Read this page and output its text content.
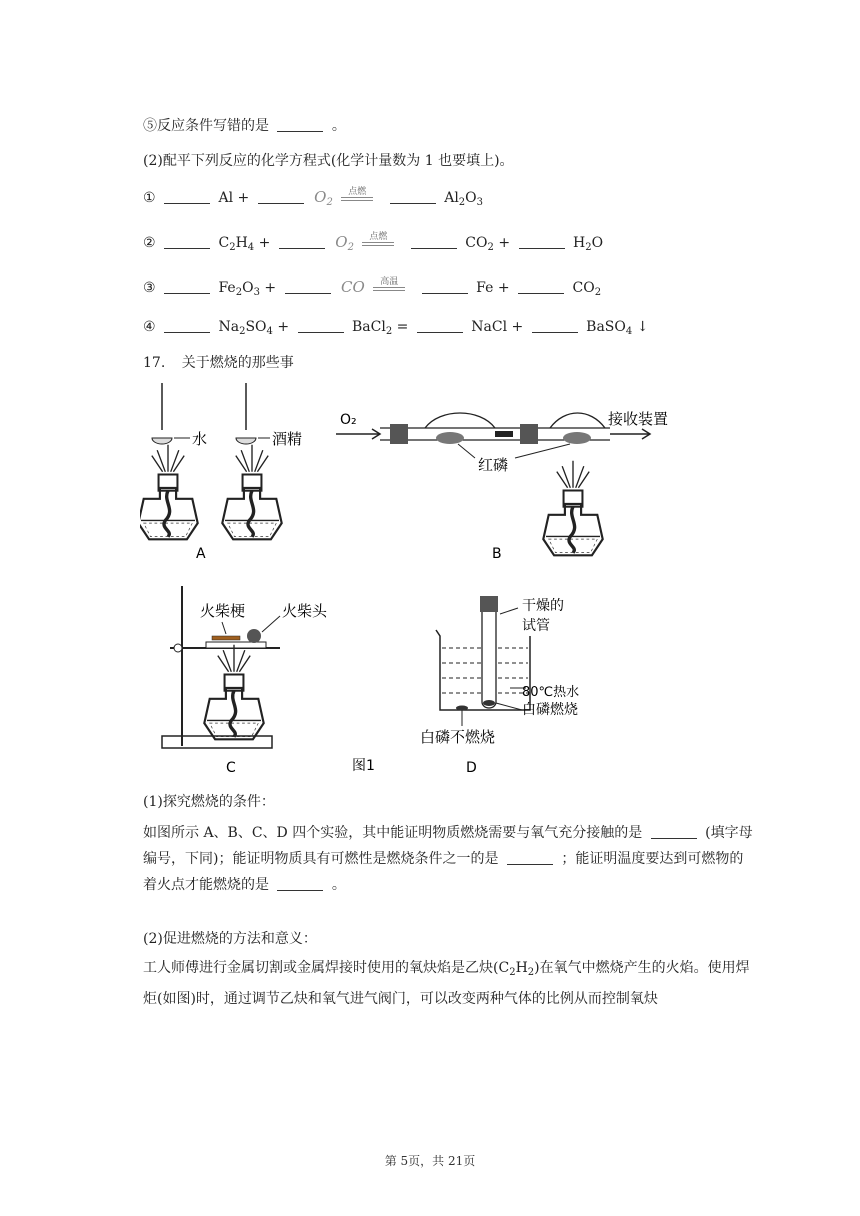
⑤反应条件写错的是	。
(2)配平下列反应的化学方程式(化学计量数为 1 也要填上)。
①	Al +	$O_2$
点燃	$Al_2O_3$
②	$C_2H_4$ +	$O_2$
点燃	$CO_2$ +	$H_2O$
③	$Fe_2O_3$ +	CO	高温	Fe +	$CO_2$
④	$Na_2SO_4$ +	BaCl$_2$ =	NaCl +	BaSO$_4$ ↓
17. 关于燃烧的那些事
水	酒精
A
O₂	接收装置
红磷
B
火柴梗 火柴头
C	图1
干燥的
试管
80℃热水
白磷燃烧
白磷不燃烧
D
(1)探究燃烧的条件：
如图所示 A、B、C、D 四个实验，其中能证明物质燃烧需要与氧气充分接触的是	(填字母编号，下同)；能证明物质具有可燃性是燃烧条件之一的是	；能证明温度要达到可燃物的着火点才能燃烧的是	。
(2)促进燃烧的方法和意义：
工人师傅进行金属切割或金属焊接时使用的氧炔焰是乙炔$(C_2H_2)$在氧气中燃烧产生的火焰。使用焊炬(如图)时，通过调节乙炔和氧气进气阀门，可以改变两种气体的比例从而控制氧炔
第 5页，共 21页
